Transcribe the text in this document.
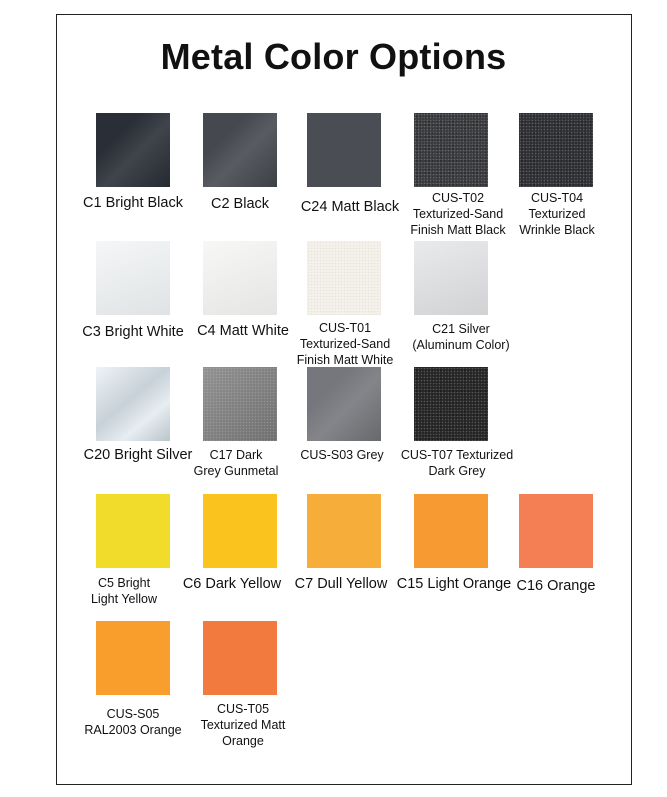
Metal Color Options
C1 Bright Black	C2 Black	C24 Matt Black
CUS-T02
Texturized-Sand
Finish Matt Black
CUS-T04
Texturized
Wrinkle Black
C3 Bright White C4 Matt White	CUS-T01
Texturized-Sand
Finish Matt White
C21 Silver
(Aluminum Color)
C20 Bright Silver	C17 Dark
Grey Gunmetal
CUS-S03 Grey	CUS-T07 Texturized
Dark Grey
C5 Bright
Light Yellow
C6 Dark Yellow C7 Dull Yellow C15 Light Orange C16 Orange
CUS-S05
RAL2003 Orange
CUS-T05
Texturized Matt
Orange
